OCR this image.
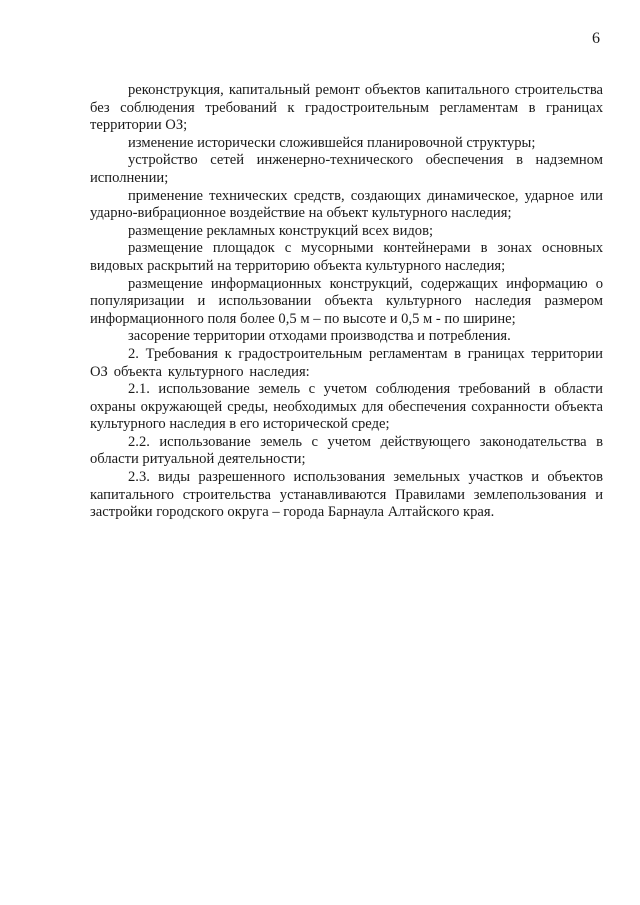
6

реконструкция, капитальный ремонт объектов капитального строительства без соблюдения требований к градостроительным регламентам в границах территории ОЗ;

изменение исторически сложившейся планировочной структуры;

устройство сетей инженерно-технического обеспечения в надземном исполнении;

применение технических средств, создающих динамическое, ударное или ударно-вибрационное воздействие на объект культурного наследия;

размещение рекламных конструкций всех видов;

размещение площадок с мусорными контейнерами в зонах основных видовых раскрытий на территорию объекта культурного наследия;

размещение информационных конструкций, содержащих информацию о популяризации и использовании объекта культурного наследия размером информационного поля более 0,5 м – по высоте и 0,5 м - по ширине;

засорение территории отходами производства и потребления.

2. Требования к градостроительным регламентам в границах территории ОЗ объекта культурного наследия:

2.1. использование земель с учетом соблюдения требований в области охраны окружающей среды, необходимых для обеспечения сохранности объекта культурного наследия в его исторической среде;

2.2. использование земель с учетом действующего законодательства в области ритуальной деятельности;

2.3. виды разрешенного использования земельных участков и объектов капитального строительства устанавливаются Правилами землепользования и застройки городского округа – города Барнаула Алтайского края.
